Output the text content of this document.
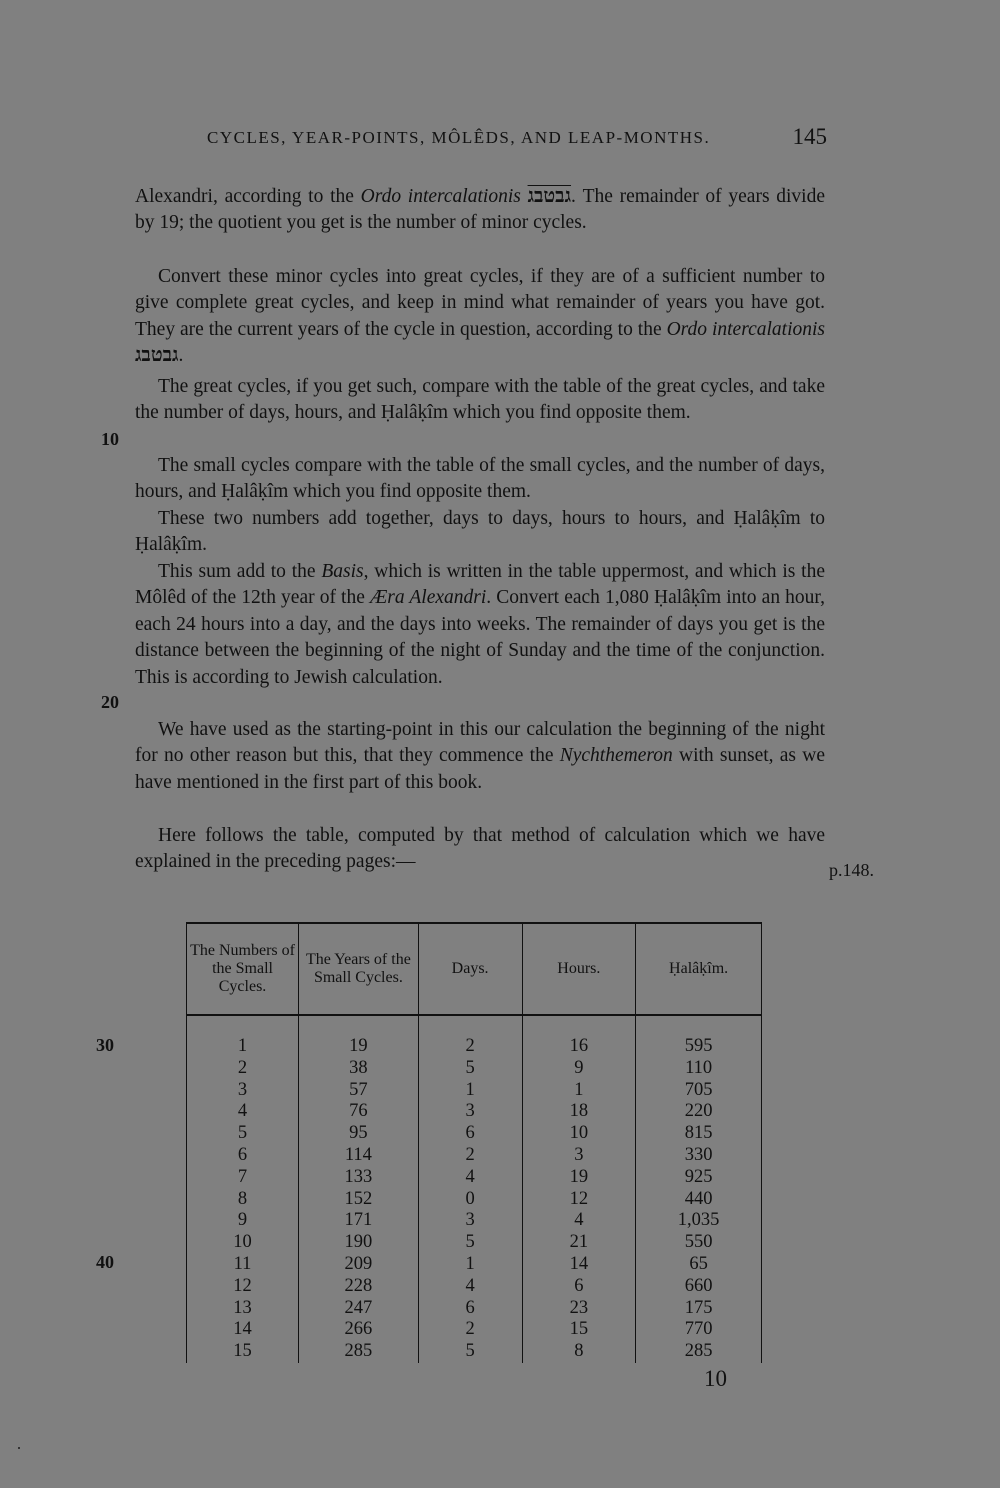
CYCLES, YEAR-POINTS, MÔLÊDS, AND LEAP-MONTHS.	145
Alexandri, according to the Ordo intercalationis גבטבג. The remainder of years divide by 19; the quotient you get is the number of minor cycles.
Convert these minor cycles into great cycles, if they are of a sufficient number to give complete great cycles, and keep in mind what remainder of years you have got. They are the current years of the cycle in question, according to the Ordo intercalationis גבטבג.
The great cycles, if you get such, compare with the table of the great cycles, and take the number of days, hours, and Ḥalâḳîm which you find opposite them.
The small cycles compare with the table of the small cycles, and the number of days, hours, and Ḥalâḳîm which you find opposite them.
These two numbers add together, days to days, hours to hours, and Ḥalâḳîm to Ḥalâḳîm.
This sum add to the Basis, which is written in the table uppermost, and which is the Môlêd of the 12th year of the Æra Alexandri. Convert each 1,080 Ḥalâḳîm into an hour, each 24 hours into a day, and the days into weeks. The remainder of days you get is the distance between the beginning of the night of Sunday and the time of the conjunction. This is according to Jewish calculation.
We have used as the starting-point in this our calculation the beginning of the night for no other reason but this, that they commence the Nychthemeron with sunset, as we have mentioned in the first part of this book.
Here follows the table, computed by that method of calculation which we have explained in the preceding pages:—
10
20
30
40
p.148.
The Numbers of the Small Cycles.	The Years of the Small Cycles.	Days.	Hours.	Ḥalâḳîm.
1	19	2	16	595
2	38	5	9	110
3	57	1	1	705
4	76	3	18	220
5	95	6	10	815
6	114	2	3	330
7	133	4	19	925
8	152	0	12	440
9	171	3	4	1,035
10	190	5	21	550
11	209	1	14	65
12	228	4	6	660
13	247	6	23	175
14	266	2	15	770
15	285	5	8	285
10
